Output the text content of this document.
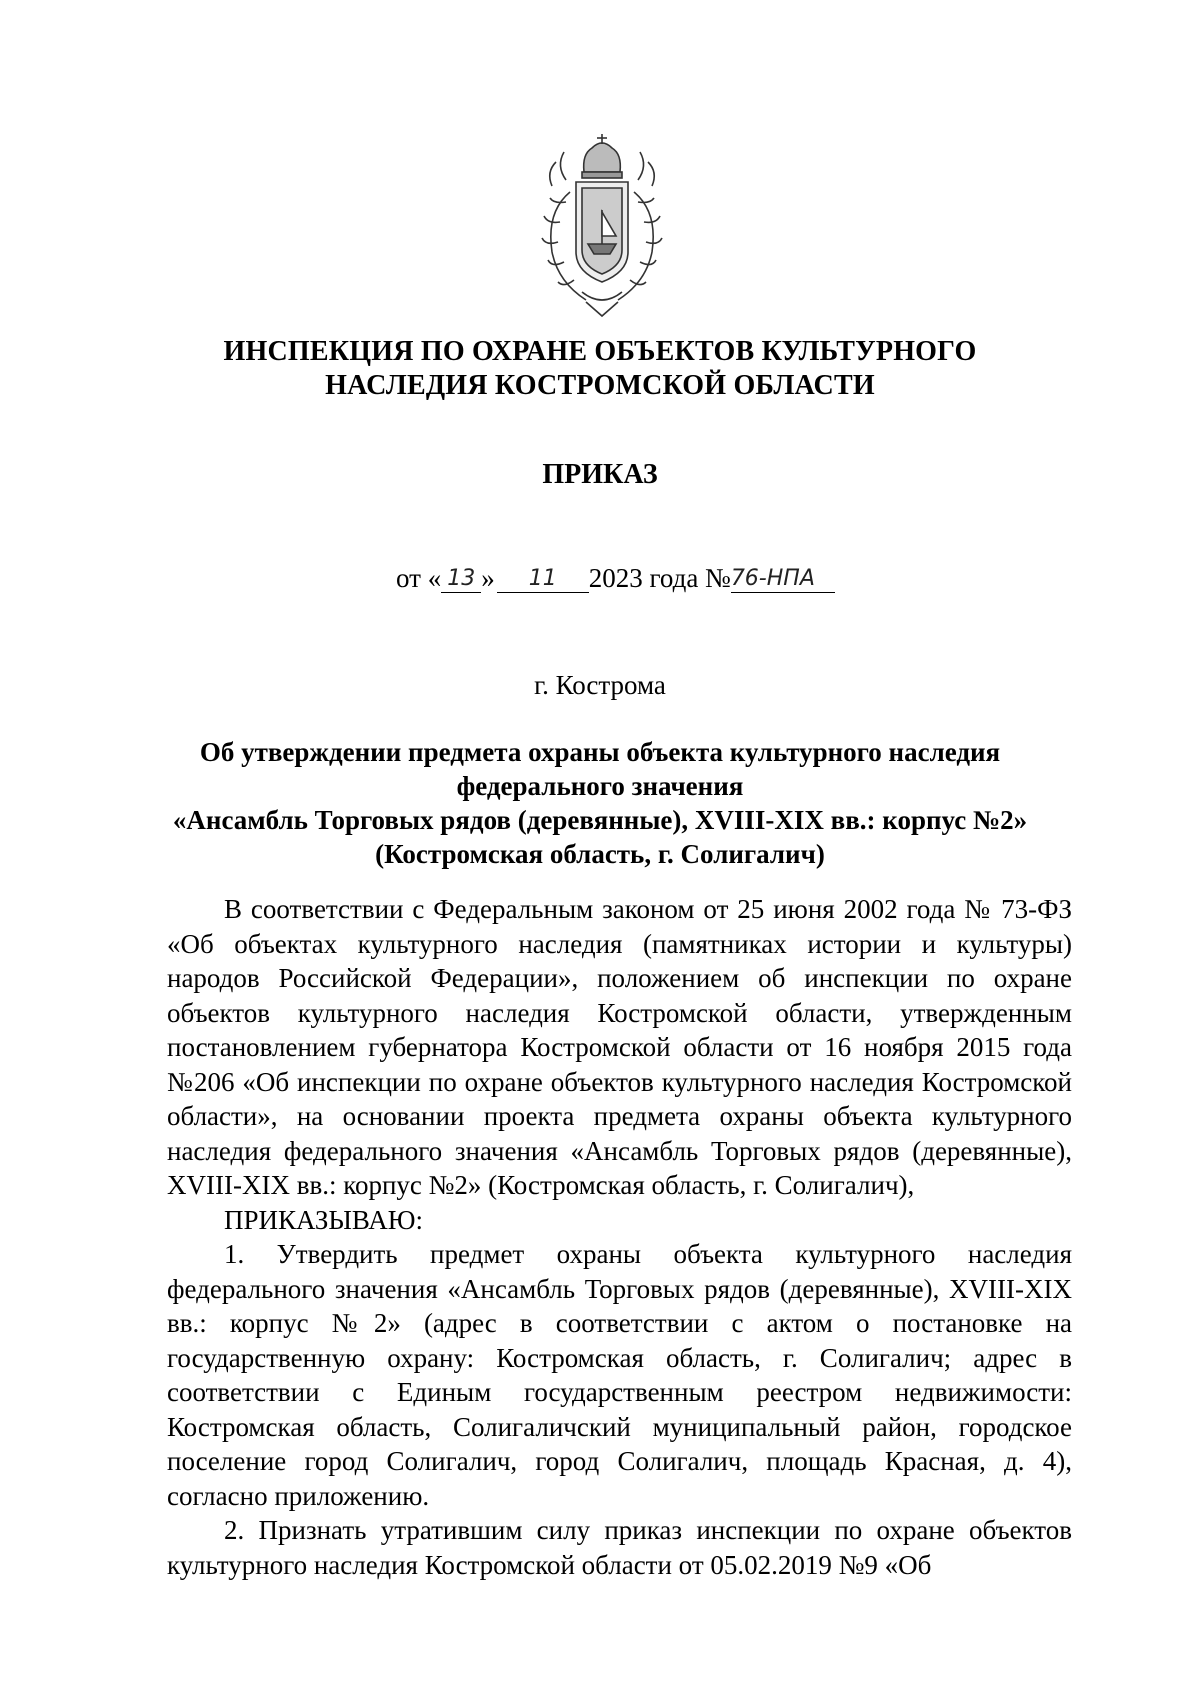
ИНСПЕКЦИЯ ПО ОХРАНЕ ОБЪЕКТОВ КУЛЬТУРНОГО
НАСЛЕДИЯ КОСТРОМСКОЙ ОБЛАСТИ
ПРИКАЗ
от « 13 » 11 2023 года №76-НПА
г. Кострома
Об утверждении предмета охраны объекта культурного наследия
федерального значения
«Ансамбль Торговых рядов (деревянные), XVIII-XIX вв.: корпус №2»
(Костромская область, г. Солигалич)

В соответствии с Федеральным законом от 25 июня 2002 года № 73-ФЗ «Об объектах культурного наследия (памятниках истории и культуры) народов Российской Федерации», положением об инспекции по охране объектов культурного наследия Костромской области, утвержденным постановлением губернатора Костромской области от 16 ноября 2015 года №206 «Об инспекции по охране объектов культурного наследия Костромской области», на основании проекта предмета охраны объекта культурного наследия федерального значения «Ансамбль Торговых рядов (деревянные), XVIII-XIX вв.: корпус №2» (Костромская область, г. Солигалич),

ПРИКАЗЫВАЮ:

1. Утвердить предмет охраны объекта культурного наследия федерального значения «Ансамбль Торговых рядов (деревянные), XVIII-XIX вв.: корпус №2» (адрес в соответствии с актом о постановке на государственную охрану: Костромская область, г. Солигалич; адрес в соответствии с Единым государственным реестром недвижимости: Костромская область, Солигаличский муниципальный район, городское поселение город Солигалич, город Солигалич, площадь Красная, д. 4), согласно приложению.

2. Признать утратившим силу приказ инспекции по охране объектов культурного наследия Костромской области от 05.02.2019 №9 «Об
